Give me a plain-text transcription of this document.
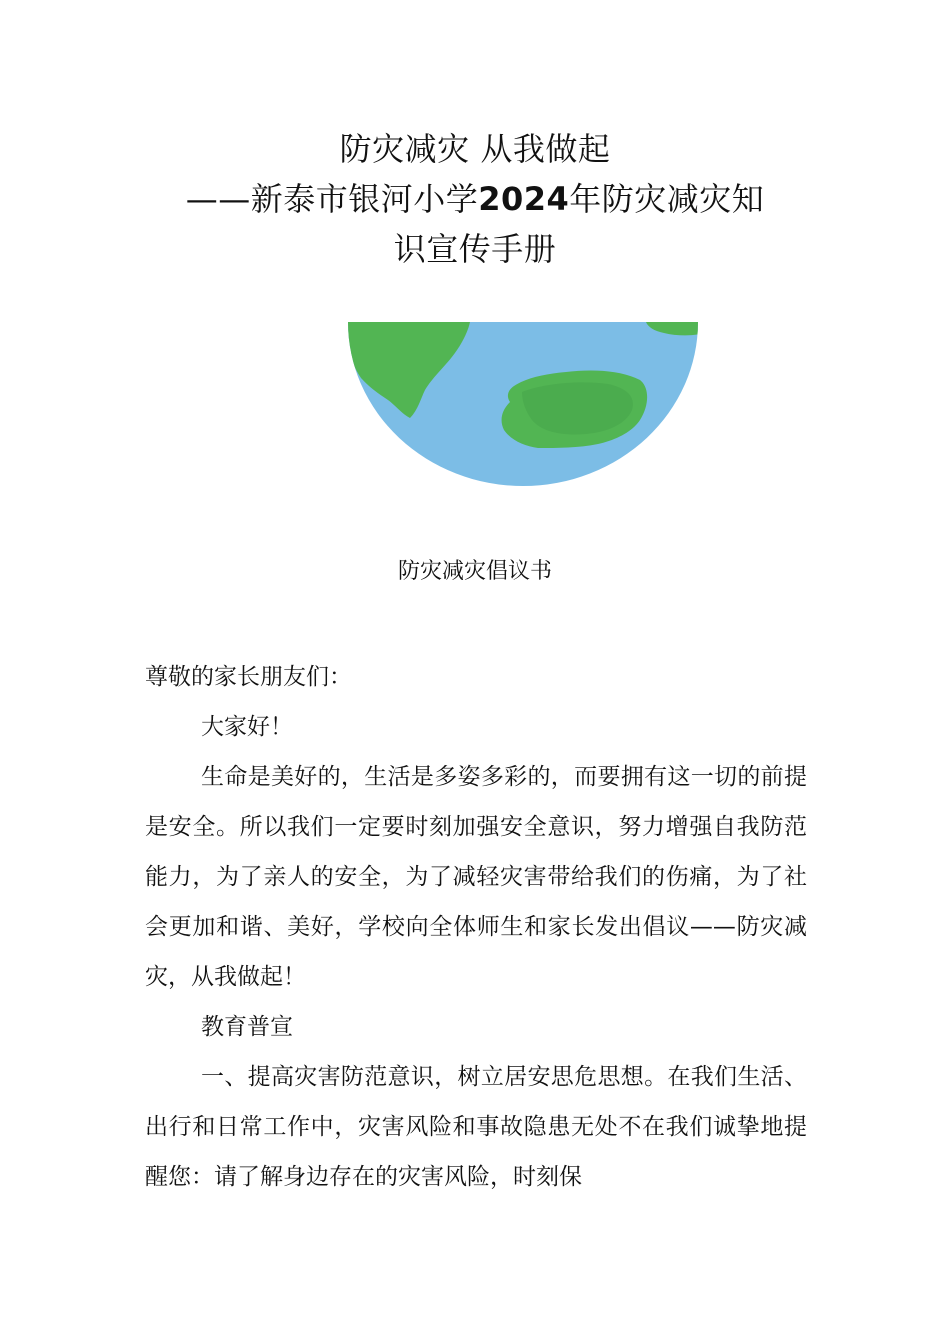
防灾减灾 从我做起
——新泰市银河小学2024年防灾减灾知
识宣传手册
防灾减灾倡议书

尊敬的家长朋友们：

大家好！

生命是美好的，生活是多姿多彩的，而要拥有这一切的前提是安全。所以我们一定要时刻加强安全意识，努力增强自我防范能力，为了亲人的安全，为了减轻灾害带给我们的伤痛，为了社会更加和谐、美好，学校向全体师生和家长发出倡议——防灾减灾，从我做起！

教育普宣

一、提高灾害防范意识，树立居安思危思想。在我们生活、出行和日常工作中，灾害风险和事故隐患无处不在我们诚挚地提醒您：请了解身边存在的灾害风险，时刻保
